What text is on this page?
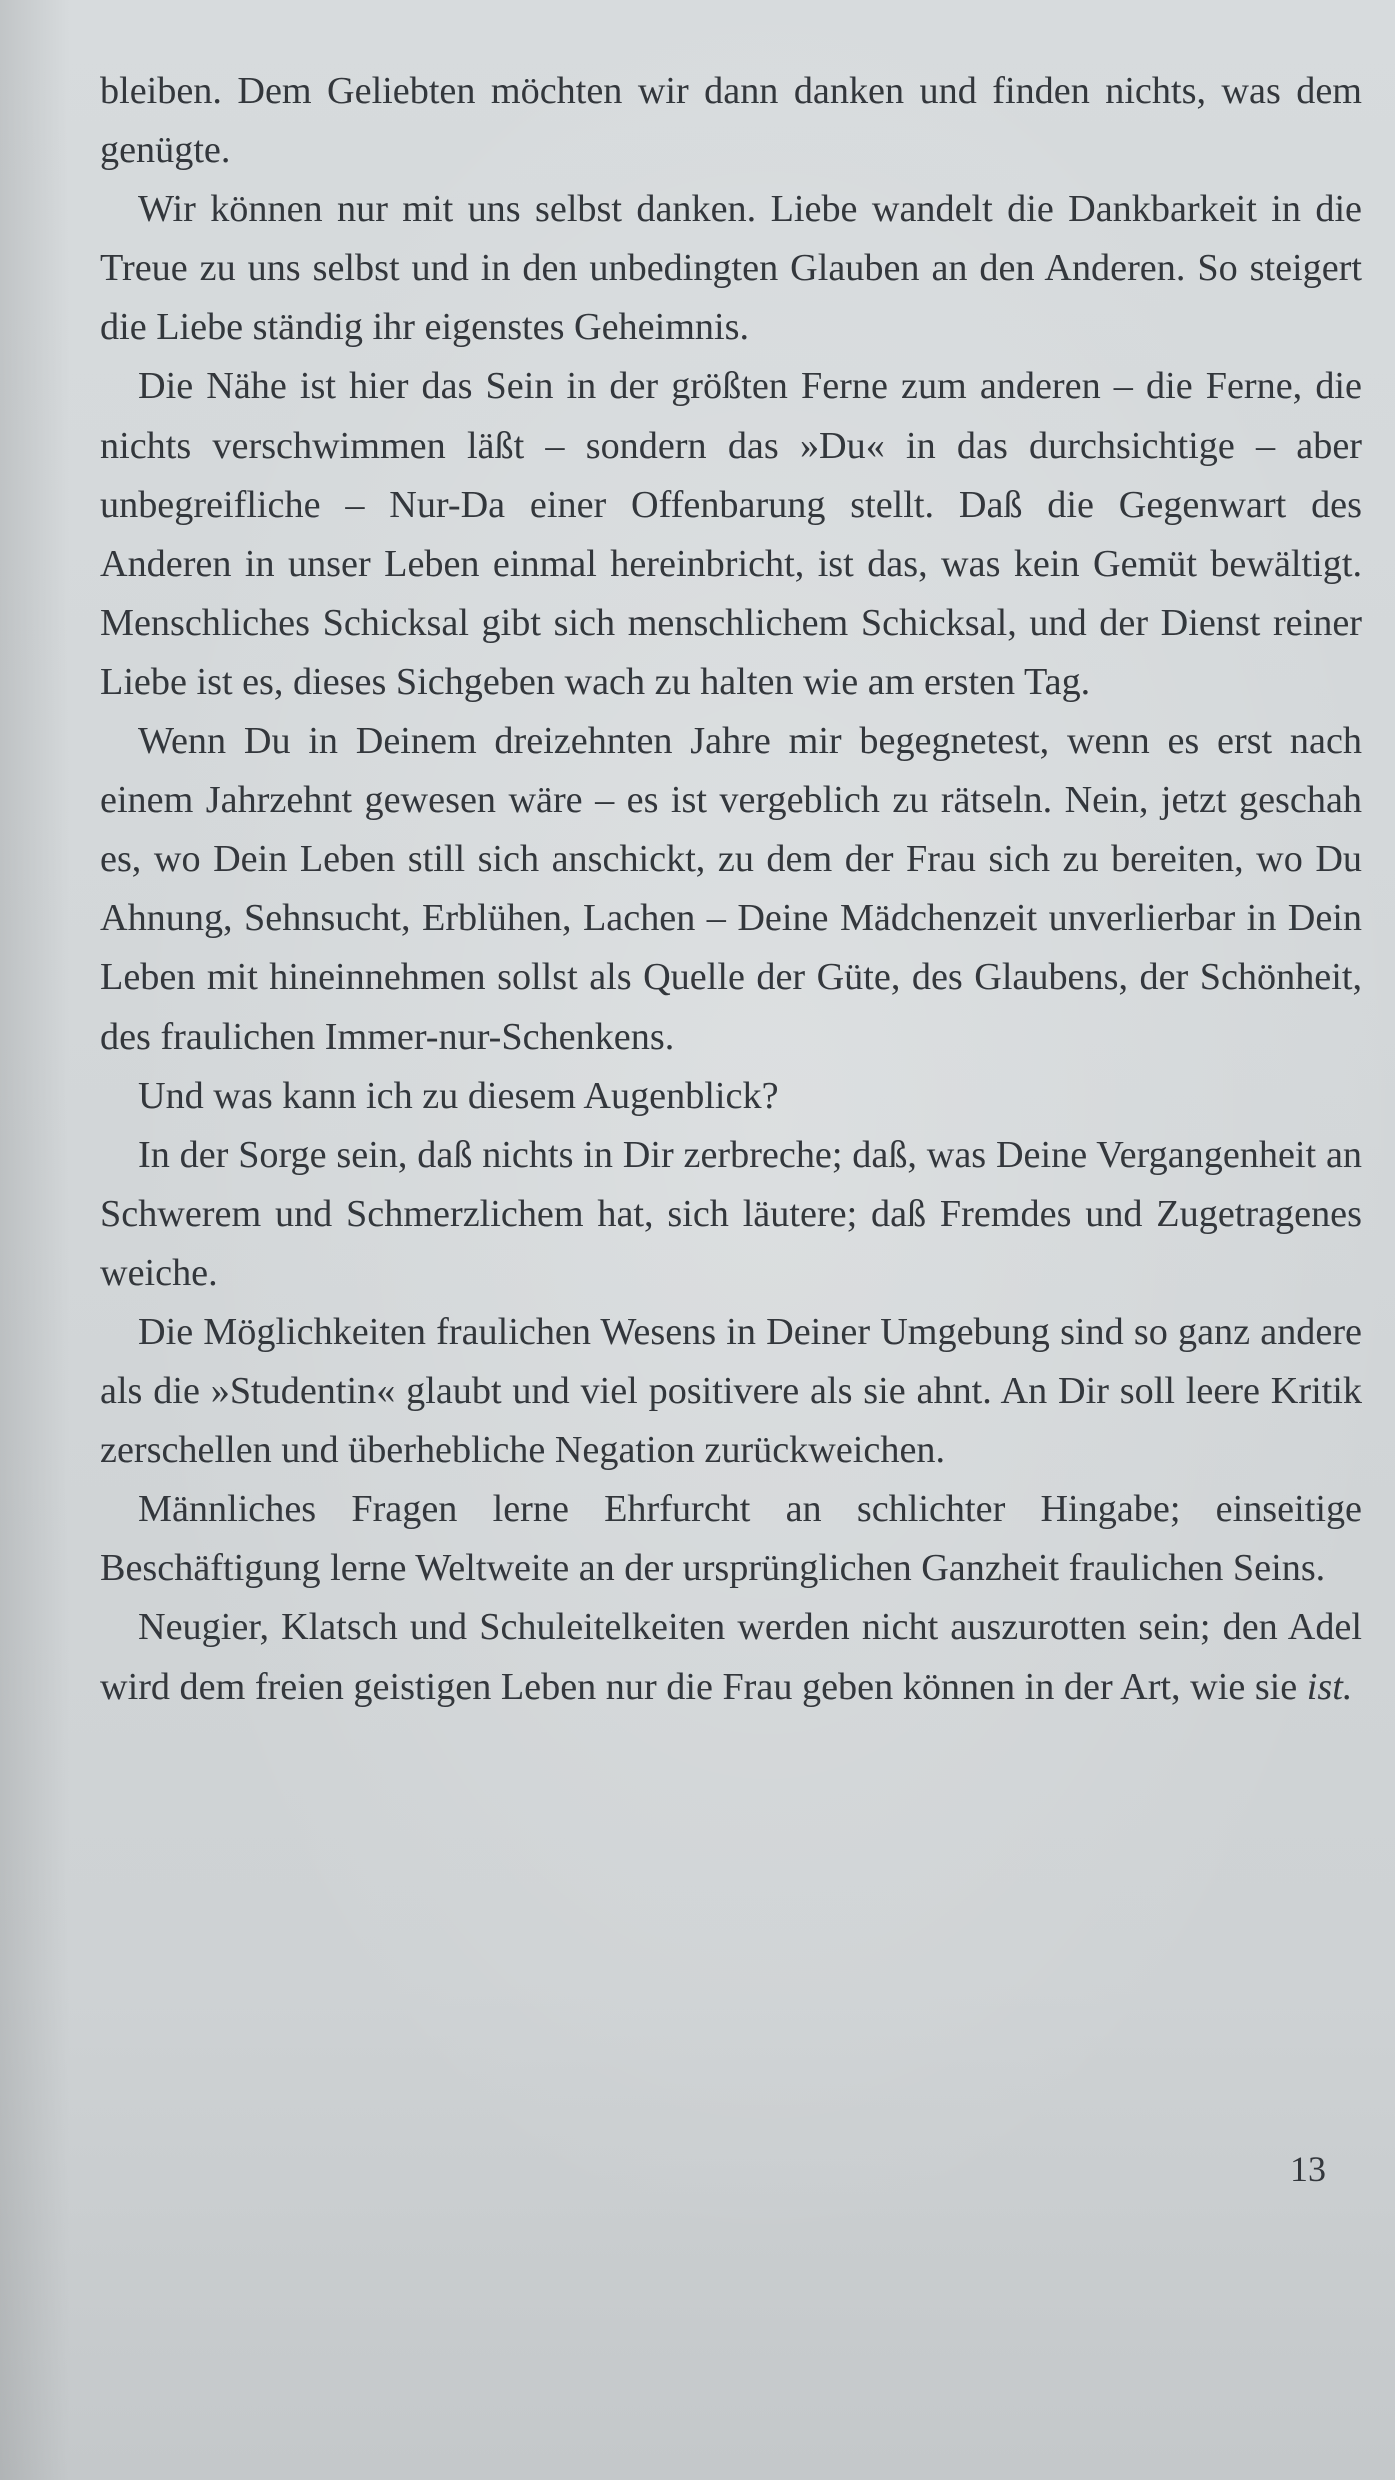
bleiben. Dem Geliebten möchten wir dann danken und finden nichts, was dem genügte.

Wir können nur mit uns selbst danken. Liebe wandelt die Dankbarkeit in die Treue zu uns selbst und in den unbedingten Glauben an den Anderen. So steigert die Liebe ständig ihr eigenstes Geheimnis.

Die Nähe ist hier das Sein in der größten Ferne zum anderen – die Ferne, die nichts verschwimmen läßt – sondern das »Du« in das durchsichtige – aber unbegreifliche – Nur-Da einer Offenbarung stellt. Daß die Gegenwart des Anderen in unser Leben einmal hereinbricht, ist das, was kein Gemüt bewältigt. Menschliches Schicksal gibt sich menschlichem Schicksal, und der Dienst reiner Liebe ist es, dieses Sichgeben wach zu halten wie am ersten Tag.

Wenn Du in Deinem dreizehnten Jahre mir begegnetest, wenn es erst nach einem Jahrzehnt gewesen wäre – es ist vergeblich zu rätseln. Nein, jetzt geschah es, wo Dein Leben still sich anschickt, zu dem der Frau sich zu bereiten, wo Du Ahnung, Sehnsucht, Erblühen, Lachen – Deine Mädchenzeit unverlierbar in Dein Leben mit hineinnehmen sollst als Quelle der Güte, des Glaubens, der Schönheit, des fraulichen Immer-nur-Schenkens.

Und was kann ich zu diesem Augenblick?

In der Sorge sein, daß nichts in Dir zerbreche; daß, was Deine Vergangenheit an Schwerem und Schmerzlichem hat, sich läutere; daß Fremdes und Zugetragenes weiche.

Die Möglichkeiten fraulichen Wesens in Deiner Umgebung sind so ganz andere als die »Studentin« glaubt und viel positivere als sie ahnt. An Dir soll leere Kritik zerschellen und überhebliche Negation zurückweichen.

Männliches Fragen lerne Ehrfurcht an schlichter Hingabe; einseitige Beschäftigung lerne Weltweite an der ursprünglichen Ganzheit fraulichen Seins.

Neugier, Klatsch und Schuleitelkeiten werden nicht auszurotten sein; den Adel wird dem freien geistigen Leben nur die Frau geben können in der Art, wie sie ist.

13
